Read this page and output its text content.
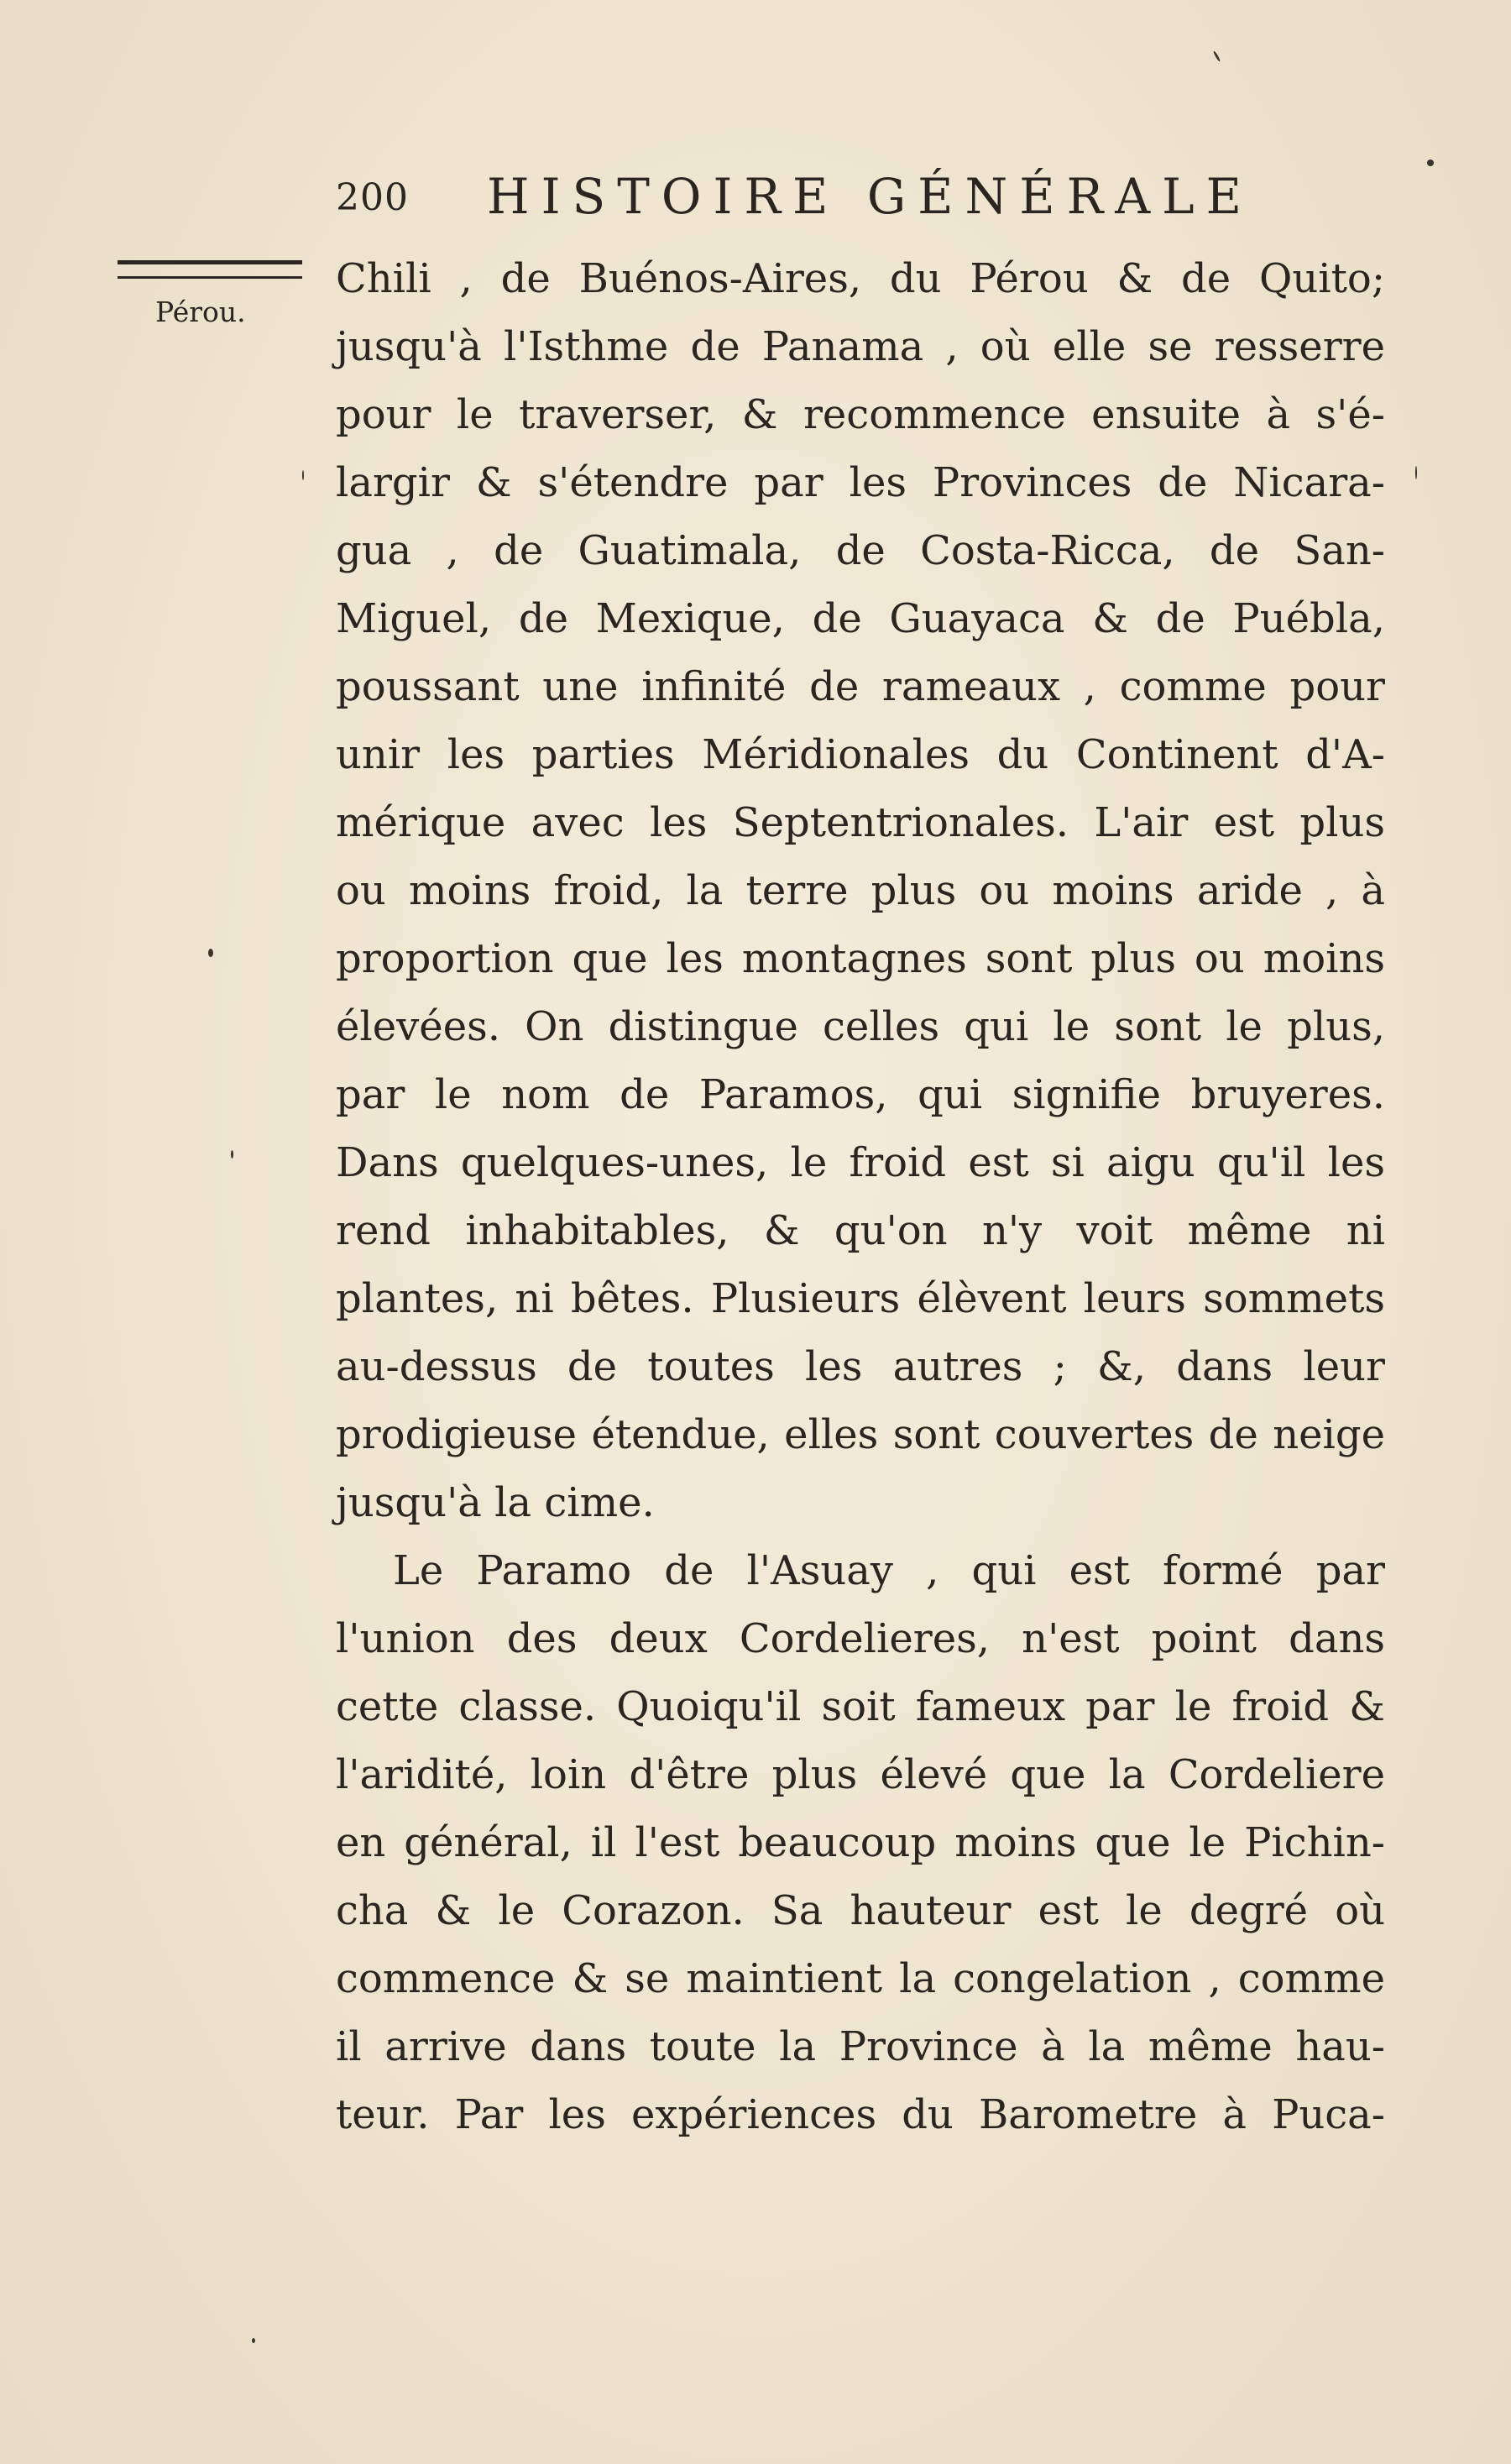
200 HISTOIRE GÉNÉRALE
Pérou.
Chili , de Buénos-Aires, du Pérou & de Quito;
jusqu'à l'Isthme de Panama , où elle se resserre
pour le traverser, & recommence ensuite à s'é-
largir & s'étendre par les Provinces de Nicara-
gua , de Guatimala, de Costa-Ricca, de San-
Miguel, de Mexique, de Guayaca & de Puébla,
poussant une infinité de rameaux , comme pour
unir les parties Méridionales du Continent d'A-
mérique avec les Septentrionales. L'air est plus
ou moins froid, la terre plus ou moins aride , à
proportion que les montagnes sont plus ou moins
élevées. On distingue celles qui le sont le plus,
par le nom de Paramos, qui signifie bruyeres.
Dans quelques-unes, le froid est si aigu qu'il les
rend inhabitables, & qu'on n'y voit même ni
plantes, ni bêtes. Plusieurs élèvent leurs sommets
au-dessus de toutes les autres ; &, dans leur
prodigieuse étendue, elles sont couvertes de neige
jusqu'à la cime.
Le Paramo de l'Asuay , qui est formé par
l'union des deux Cordelieres, n'est point dans
cette classe. Quoiqu'il soit fameux par le froid &
l'aridité, loin d'être plus élevé que la Cordeliere
en général, il l'est beaucoup moins que le Pichin-
cha & le Corazon. Sa hauteur est le degré où
commence & se maintient la congelation , comme
il arrive dans toute la Province à la même hau-
teur. Par les expériences du Barometre à Puca-
